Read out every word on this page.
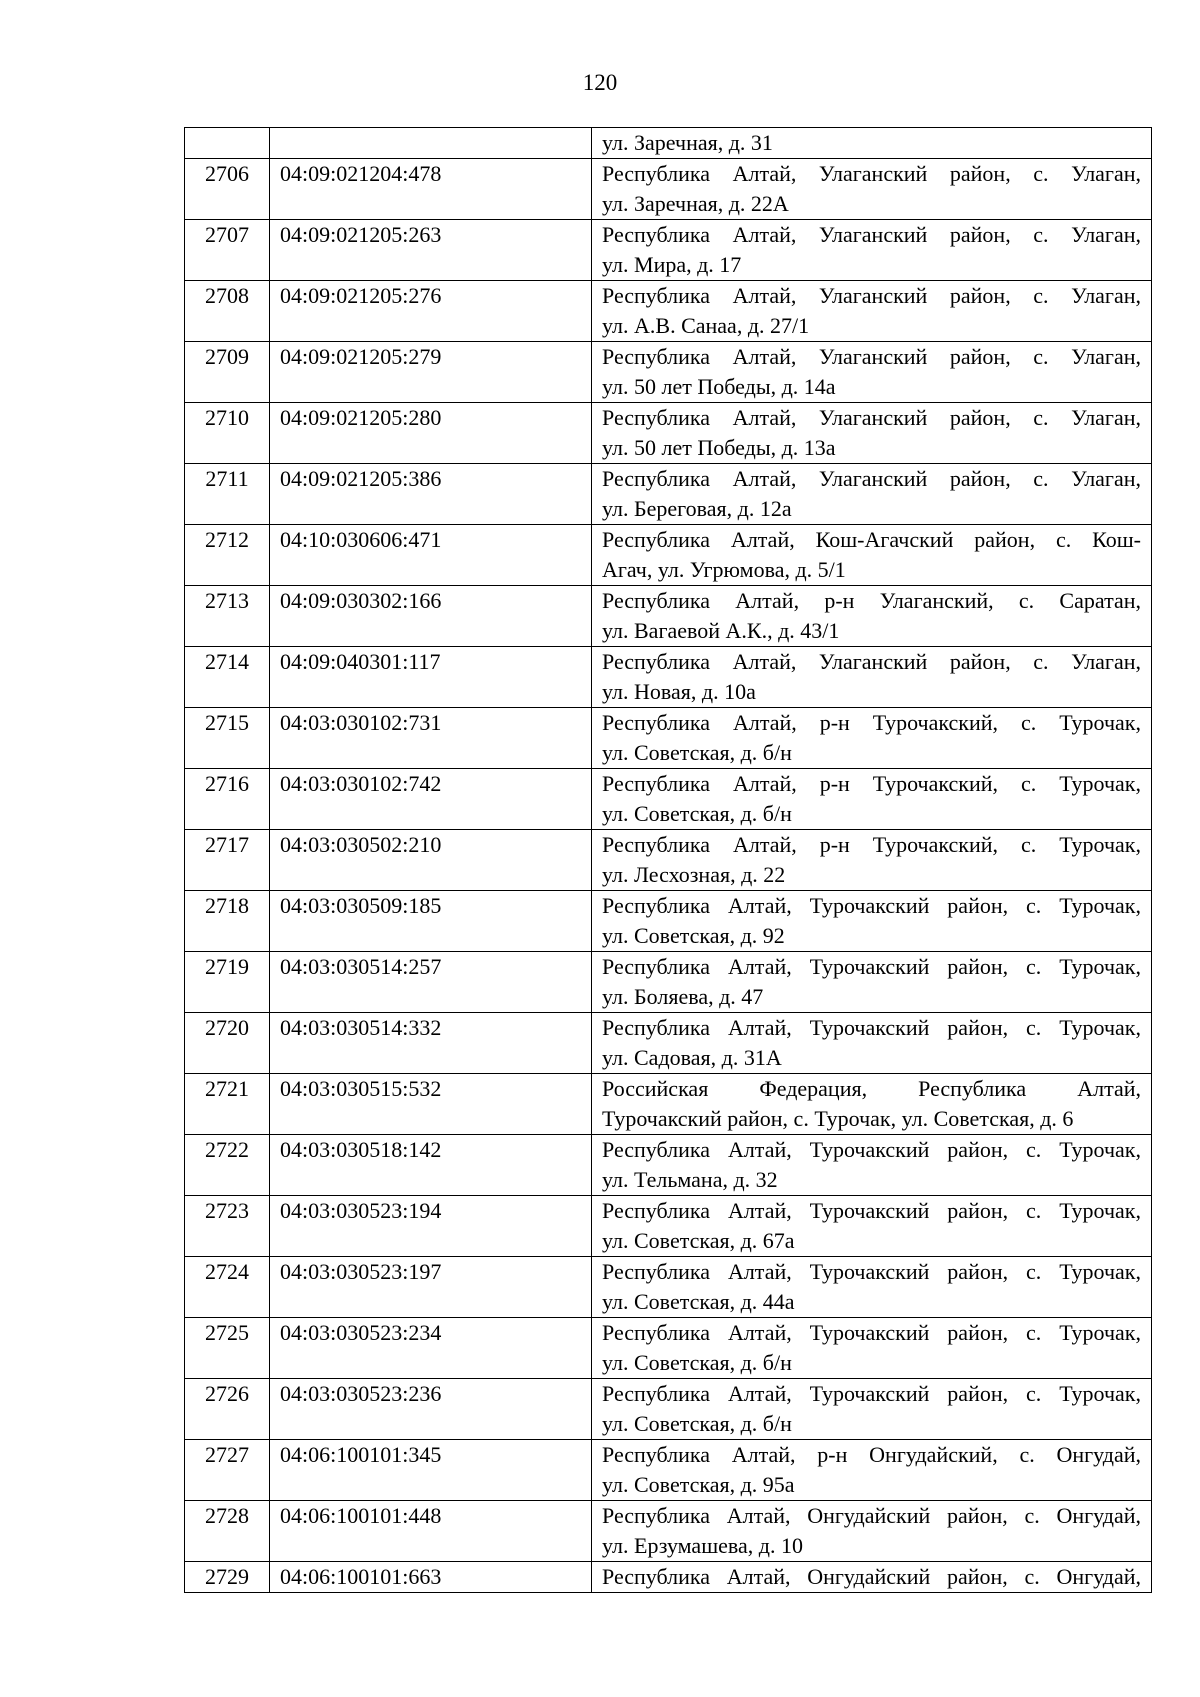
120

		ул. Заречная, д. 31

2706	04:09:021204:478	Республика Алтай, Улаганский район, с. Улаган,
ул. Заречная, д. 22А

2707	04:09:021205:263	Республика Алтай, Улаганский район, с. Улаган,
ул. Мира, д. 17

2708	04:09:021205:276	Республика Алтай, Улаганский район, с. Улаган,
ул. А.В. Санаа, д. 27/1

2709	04:09:021205:279	Республика Алтай, Улаганский район, с. Улаган,
ул. 50 лет Победы, д. 14а

2710	04:09:021205:280	Республика Алтай, Улаганский район, с. Улаган,
ул. 50 лет Победы, д. 13а

2711	04:09:021205:386	Республика Алтай, Улаганский район, с. Улаган,
ул. Береговая, д. 12а

2712	04:10:030606:471	Республика Алтай, Кош-Агачский район, с. Кош-
Агач, ул. Угрюмова, д. 5/1

2713	04:09:030302:166	Республика Алтай, р-н Улаганский, с. Саратан,
ул. Вагаевой А.К., д. 43/1

2714	04:09:040301:117	Республика Алтай, Улаганский район, с. Улаган,
ул. Новая, д. 10а

2715	04:03:030102:731	Республика Алтай, р-н Турочакский, с. Турочак,
ул. Советская, д. б/н

2716	04:03:030102:742	Республика Алтай, р-н Турочакский, с. Турочак,
ул. Советская, д. б/н

2717	04:03:030502:210	Республика Алтай, р-н Турочакский, с. Турочак,
ул. Лесхозная, д. 22

2718	04:03:030509:185	Республика Алтай, Турочакский район, с. Турочак,
ул. Советская, д. 92

2719	04:03:030514:257	Республика Алтай, Турочакский район, с. Турочак,
ул. Боляева, д. 47

2720	04:03:030514:332	Республика Алтай, Турочакский район, с. Турочак,
ул. Садовая, д. 31А

2721	04:03:030515:532	Российская Федерация, Республика Алтай,
Турочакский район, с. Турочак, ул. Советская, д. 6

2722	04:03:030518:142	Республика Алтай, Турочакский район, с. Турочак,
ул. Тельмана, д. 32

2723	04:03:030523:194	Республика Алтай, Турочакский район, с. Турочак,
ул. Советская, д. 67а

2724	04:03:030523:197	Республика Алтай, Турочакский район, с. Турочак,
ул. Советская, д. 44а

2725	04:03:030523:234	Республика Алтай, Турочакский район, с. Турочак,
ул. Советская, д. б/н

2726	04:03:030523:236	Республика Алтай, Турочакский район, с. Турочак,
ул. Советская, д. б/н

2727	04:06:100101:345	Республика Алтай, р-н Онгудайский, с. Онгудай,
ул. Советская, д. 95а

2728	04:06:100101:448	Республика Алтай, Онгудайский район, с. Онгудай,
ул. Ерзумашева, д. 10

2729	04:06:100101:663	Республика Алтай, Онгудайский район, с. Онгудай,
